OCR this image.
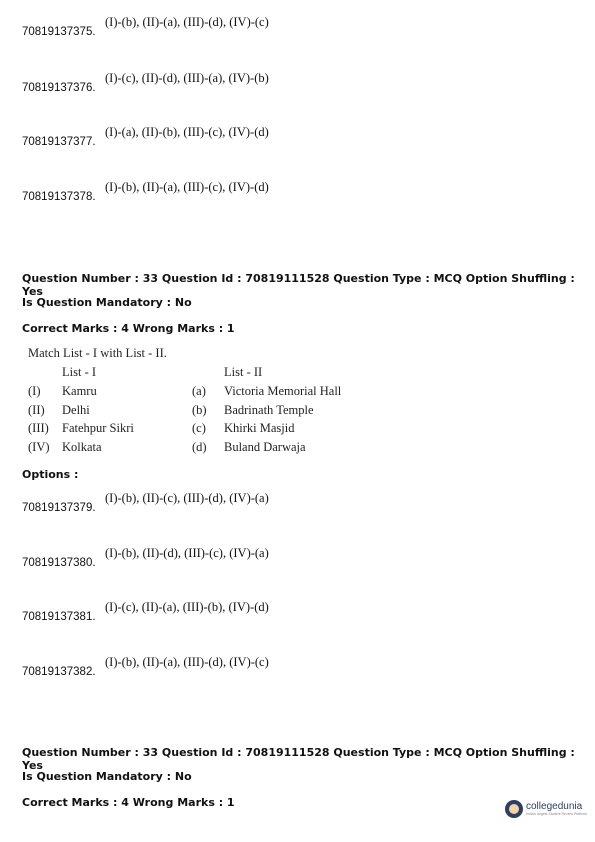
70819137375.
(I)-(b), (II)-(a), (III)-(d), (IV)-(c)
70819137376.
(I)-(c), (II)-(d), (III)-(a), (IV)-(b)
70819137377.
(I)-(a), (II)-(b), (III)-(c), (IV)-(d)
70819137378.
(I)-(b), (II)-(a), (III)-(c), (IV)-(d)
Question Number : 33 Question Id : 70819111528 Question Type : MCQ Option Shuffling : Yes
Is Question Mandatory : No
Correct Marks : 4 Wrong Marks : 1
Match List - I with List - II.
List - I	List - II
(I) Kamru	(a) Victoria Memorial Hall
(II) Delhi	(b) Badrinath Temple
(III) Fatehpur Sikri	(c) Khirki Masjid
(IV) Kolkata	(d) Buland Darwaja
Options :
70819137379.
(I)-(b), (II)-(c), (III)-(d), (IV)-(a)
70819137380.
(I)-(b), (II)-(d), (III)-(c), (IV)-(a)
70819137381.
(I)-(c), (II)-(a), (III)-(b), (IV)-(d)
70819137382.
(I)-(b), (II)-(a), (III)-(d), (IV)-(c)
Question Number : 33 Question Id : 70819111528 Question Type : MCQ Option Shuffling : Yes
Is Question Mandatory : No
Correct Marks : 4 Wrong Marks : 1	collegedunia
India's largest Student Review Platform
